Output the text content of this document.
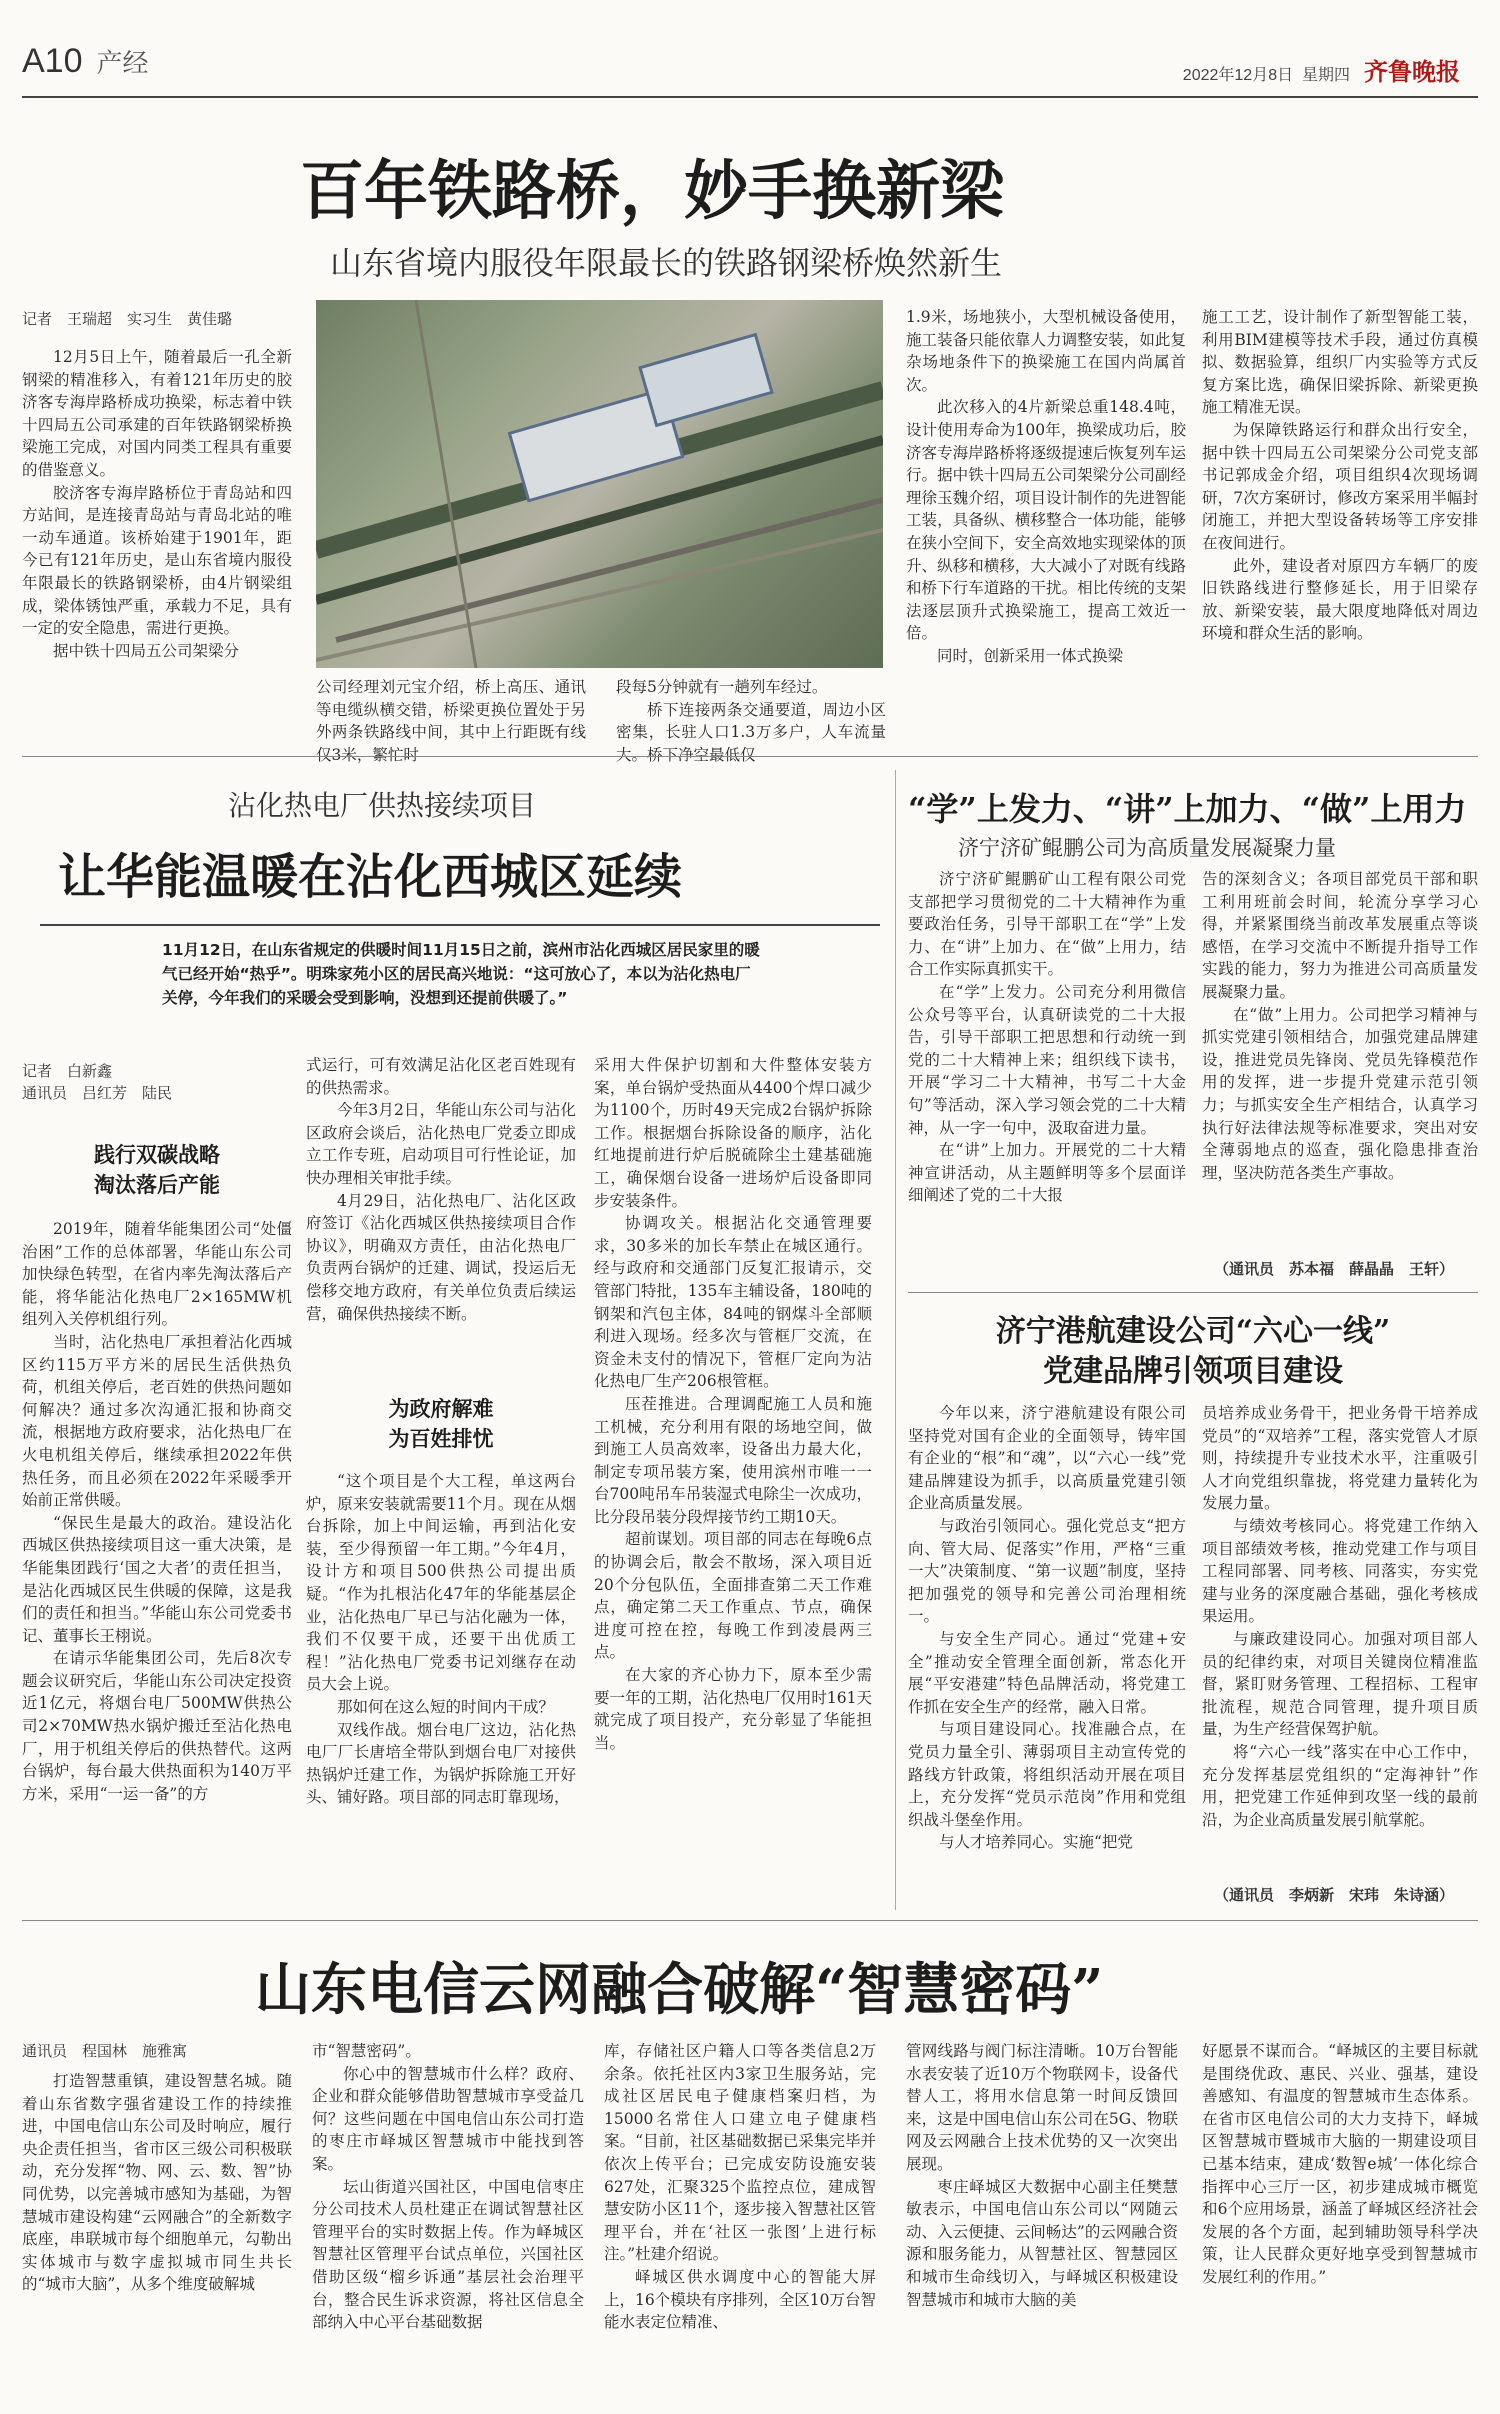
A10 产经	2022年12月8日 星期四 齐鲁晚报
百年铁路桥，妙手换新梁
山东省境内服役年限最长的铁路钢梁桥焕然新生
记者　王瑞超　实习生　黄佳璐

12月5日上午，随着最后一孔全新钢梁的精准移入，有着121年历史的胶济客专海岸路桥成功换梁，标志着中铁十四局五公司承建的百年铁路钢梁桥换梁施工完成，对国内同类工程具有重要的借鉴意义。

胶济客专海岸路桥位于青岛站和四方站间，是连接青岛站与青岛北站的唯一动车通道。该桥始建于1901年，距今已有121年历史，是山东省境内服役年限最长的铁路钢梁桥，由4片钢梁组成，梁体锈蚀严重，承载力不足，具有一定的安全隐患，需进行更换。

据中铁十四局五公司架梁分

公司经理刘元宝介绍，桥上高压、通讯等电缆纵横交错，桥梁更换位置处于另外两条铁路线中间，其中上行距既有线仅3米，繁忙时

段每5分钟就有一趟列车经过。

桥下连接两条交通要道，周边小区密集，长驻人口1.3万多户，人车流量大。桥下净空最低仅

1.9米，场地狭小，大型机械设备使用，施工装备只能依靠人力调整安装，如此复杂场地条件下的换梁施工在国内尚属首次。

此次移入的4片新梁总重148.4吨，设计使用寿命为100年，换梁成功后，胶济客专海岸路桥将逐级提速后恢复列车运行。据中铁十四局五公司架梁分公司副经理徐玉魏介绍，项目设计制作的先进智能工装，具备纵、横移整合一体功能，能够在狭小空间下，安全高效地实现梁体的顶升、纵移和横移，大大减小了对既有线路和桥下行车道路的干扰。相比传统的支架法逐层顶升式换梁施工，提高工效近一倍。

同时，创新采用一体式换梁

施工工艺，设计制作了新型智能工装，利用BIM建模等技术手段，通过仿真模拟、数据验算，组织厂内实验等方式反复方案比选，确保旧梁拆除、新梁更换施工精准无误。

为保障铁路运行和群众出行安全，据中铁十四局五公司架梁分公司党支部书记郭成金介绍，项目组织4次现场调研，7次方案研讨，修改方案采用半幅封闭施工，并把大型设备转场等工序安排在夜间进行。

此外，建设者对原四方车辆厂的废旧铁路线进行整修延长，用于旧梁存放、新梁安装，最大限度地降低对周边环境和群众生活的影响。

沾化热电厂供热接续项目
让华能温暖在沾化西城区延续
11月12日，在山东省规定的供暖时间11月15日之前，滨州市沾化西城区居民家里的暖气已经开始“热乎”。明珠家苑小区的居民高兴地说：“这可放心了，本以为沾化热电厂关停，今年我们的采暖会受到影响，没想到还提前供暖了。”
记者　白新鑫
通讯员　吕红芳　陆民
践行双碳战略
淘汰落后产能

2019年，随着华能集团公司“处僵治困”工作的总体部署，华能山东公司加快绿色转型，在省内率先淘汰落后产能，将华能沾化热电厂2×165MW机组列入关停机组行列。

当时，沾化热电厂承担着沾化西城区约115万平方米的居民生活供热负荷，机组关停后，老百姓的供热问题如何解决？通过多次沟通汇报和协商交流，根据地方政府要求，沾化热电厂在火电机组关停后，继续承担2022年供热任务，而且必须在2022年采暖季开始前正常供暖。

“保民生是最大的政治。建设沾化西城区供热接续项目这一重大决策，是华能集团践行‘国之大者’的责任担当，是沾化西城区民生供暖的保障，这是我们的责任和担当。”华能山东公司党委书记、董事长王栩说。

在请示华能集团公司，先后8次专题会议研究后，华能山东公司决定投资近1亿元，将烟台电厂500MW供热公司2×70MW热水锅炉搬迁至沾化热电厂，用于机组关停后的供热替代。这两台锅炉，每台最大供热面积为140万平方米，采用“一运一备”的方

式运行，可有效满足沾化区老百姓现有的供热需求。

今年3月2日，华能山东公司与沾化区政府会谈后，沾化热电厂党委立即成立工作专班，启动项目可行性论证，加快办理相关审批手续。

4月29日，沾化热电厂、沾化区政府签订《沾化西城区供热接续项目合作协议》，明确双方责任，由沾化热电厂负责两台锅炉的迁建、调试，投运后无偿移交地方政府，有关单位负责后续运营，确保供热接续不断。

为政府解难
为百姓排忧

“这个项目是个大工程，单这两台炉，原来安装就需要11个月。现在从烟台拆除，加上中间运输，再到沾化安装，至少得预留一年工期。”今年4月，设计方和项目500供热公司提出质疑。“作为扎根沾化47年的华能基层企业，沾化热电厂早已与沾化融为一体，我们不仅要干成，还要干出优质工程！”沾化热电厂党委书记刘继存在动员大会上说。

那如何在这么短的时间内干成？

双线作战。烟台电厂这边，沾化热电厂厂长唐培全带队到烟台电厂对接供热锅炉迁建工作，为锅炉拆除施工开好头、铺好路。项目部的同志盯靠现场，

采用大件保护切割和大件整体安装方案，单台锅炉受热面从4400个焊口减少为1100个，历时49天完成2台锅炉拆除工作。根据烟台拆除设备的顺序，沾化红地提前进行炉后脱硫除尘土建基础施工，确保烟台设备一进场炉后设备即同步安装条件。

协调攻关。根据沾化交通管理要求，30多米的加长车禁止在城区通行。经与政府和交通部门反复汇报请示，交管部门特批，135车主辅设备，180吨的钢架和汽包主体，84吨的钢煤斗全部顺利进入现场。经多次与管框厂交流，在资金未支付的情况下，管框厂定向为沾化热电厂生产206根管框。

压茬推进。合理调配施工人员和施工机械，充分利用有限的场地空间，做到施工人员高效率，设备出力最大化，制定专项吊装方案，使用滨州市唯一一台700吨吊车吊装湿式电除尘一次成功，比分段吊装分段焊接节约工期10天。

超前谋划。项目部的同志在每晚6点的协调会后，散会不散场，深入项目近20个分包队伍，全面排查第二天工作难点，确定第二天工作重点、节点，确保进度可控在控，每晚工作到凌晨两三点。

在大家的齐心协力下，原本至少需要一年的工期，沾化热电厂仅用时161天就完成了项目投产，充分彰显了华能担当。

“学”上发力、“讲”上加力、“做”上用力
济宁济矿鲲鹏公司为高质量发展凝聚力量

济宁济矿鲲鹏矿山工程有限公司党支部把学习贯彻党的二十大精神作为重要政治任务，引导干部职工在“学”上发力、在“讲”上加力、在“做”上用力，结合工作实际真抓实干。

在“学”上发力。公司充分利用微信公众号等平台，认真研读党的二十大报告，引导干部职工把思想和行动统一到党的二十大精神上来；组织线下读书，开展“学习二十大精神，书写二十大金句”等活动，深入学习领会党的二十大精神，从一字一句中，汲取奋进力量。

在“讲”上加力。开展党的二十大精神宣讲活动，从主题鲜明等多个层面详细阐述了党的二十大报

告的深刻含义；各项目部党员干部和职工利用班前会时间，轮流分享学习心得，并紧紧围绕当前改革发展重点等谈感悟，在学习交流中不断提升指导工作实践的能力，努力为推进公司高质量发展凝聚力量。

在“做”上用力。公司把学习精神与抓实党建引领相结合，加强党建品牌建设，推进党员先锋岗、党员先锋模范作用的发挥，进一步提升党建示范引领力；与抓实安全生产相结合，认真学习执行好法律法规等标准要求，突出对安全薄弱地点的巡查，强化隐患排查治理，坚决防范各类生产事故。

（通讯员　苏本福　薛晶晶　王轩）
济宁港航建设公司“六心一线”
党建品牌引领项目建设

今年以来，济宁港航建设有限公司坚持党对国有企业的全面领导，铸牢国有企业的“根”和“魂”，以“六心一线”党建品牌建设为抓手，以高质量党建引领企业高质量发展。

与政治引领同心。强化党总支“把方向、管大局、促落实”作用，严格“三重一大”决策制度、“第一议题”制度，坚持把加强党的领导和完善公司治理相统一。

与安全生产同心。通过“党建+安全”推动安全管理全面创新，常态化开展“平安港建”特色品牌活动，将党建工作抓在安全生产的经常，融入日常。

与项目建设同心。找准融合点，在党员力量全引、薄弱项目主动宣传党的路线方针政策，将组织活动开展在项目上，充分发挥“党员示范岗”作用和党组织战斗堡垒作用。

与人才培养同心。实施“把党

员培养成业务骨干，把业务骨干培养成党员”的“双培养”工程，落实党管人才原则，持续提升专业技术水平，注重吸引人才向党组织靠拢，将党建力量转化为发展力量。

与绩效考核同心。将党建工作纳入项目部绩效考核，推动党建工作与项目工程同部署、同考核、同落实，夯实党建与业务的深度融合基础，强化考核成果运用。

与廉政建设同心。加强对项目部人员的纪律约束，对项目关键岗位精准监督，紧盯财务管理、工程招标、工程审批流程，规范合同管理，提升项目质量，为生产经营保驾护航。

将“六心一线”落实在中心工作中，充分发挥基层党组织的“定海神针”作用，把党建工作延伸到攻坚一线的最前沿，为企业高质量发展引航掌舵。

（通讯员　李炳新　宋玮　朱诗涵）
山东电信云网融合破解“智慧密码”
通讯员　程国林　施雅寓

打造智慧重镇，建设智慧名城。随着山东省数字强省建设工作的持续推进，中国电信山东公司及时响应，履行央企责任担当，省市区三级公司积极联动，充分发挥“物、网、云、数、智”协同优势，以完善城市感知为基础，为智慧城市建设构建“云网融合”的全新数字底座，串联城市每个细胞单元，勾勒出实体城市与数字虚拟城市同生共长的“城市大脑”，从多个维度破解城

市“智慧密码”。

你心中的智慧城市什么样？政府、企业和群众能够借助智慧城市享受益几何？这些问题在中国电信山东公司打造的枣庄市峄城区智慧城市中能找到答案。

坛山街道兴国社区，中国电信枣庄分公司技术人员杜建正在调试智慧社区管理平台的实时数据上传。作为峄城区智慧社区管理平台试点单位，兴国社区借助区级“榴乡诉通”基层社会治理平台，整合民生诉求资源，将社区信息全部纳入中心平台基础数据

库，存储社区户籍人口等各类信息2万余条。依托社区内3家卫生服务站，完成社区居民电子健康档案归档，为15000名常住人口建立电子健康档案。“目前，社区基础数据已采集完毕并依次上传平台；已完成安防设施安装627处，汇聚325个监控点位，建成智慧安防小区11个，逐步接入智慧社区管理平台，并在‘社区一张图’上进行标注。”杜建介绍说。

峄城区供水调度中心的智能大屏上，16个模块有序排列，全区10万台智能水表定位精准、

管网线路与阀门标注清晰。10万台智能水表安装了近10万个物联网卡，设备代替人工，将用水信息第一时间反馈回来，这是中国电信山东公司在5G、物联网及云网融合上技术优势的又一次突出展现。

枣庄峄城区大数据中心副主任樊慧敏表示，中国电信山东公司以“网随云动、入云便捷、云间畅达”的云网融合资源和服务能力，从智慧社区、智慧园区和城市生命线切入，与峄城区积极建设智慧城市和城市大脑的美

好愿景不谋而合。“峄城区的主要目标就是围绕优政、惠民、兴业、强基，建设善感知、有温度的智慧城市生态体系。在省市区电信公司的大力支持下，峄城区智慧城市暨城市大脑的一期建设项目已基本结束，建成‘数智e城’一体化综合指挥中心三厅一区，初步建成城市概览和6个应用场景，涵盖了峄城区经济社会发展的各个方面，起到辅助领导科学决策，让人民群众更好地享受到智慧城市发展红利的作用。”
